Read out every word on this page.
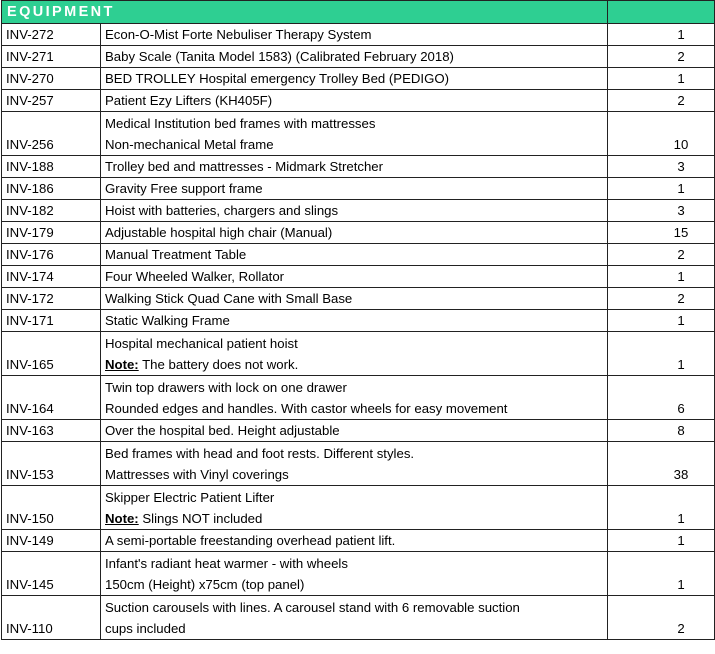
EQUIPMENT		
INV-272	Econ-O-Mist Forte Nebuliser Therapy System	1
INV-271	Baby Scale (Tanita Model 1583) (Calibrated February 2018)	2
INV-270	BED TROLLEY Hospital emergency Trolley Bed (PEDIGO)	1
INV-257	Patient Ezy Lifters (KH405F)	2
INV-256	Medical Institution bed frames with mattresses
Non-mechanical Metal frame	10
INV-188	Trolley bed and mattresses - Midmark Stretcher	3
INV-186	Gravity Free support frame	1
INV-182	Hoist with batteries, chargers and slings	3
INV-179	Adjustable hospital high chair (Manual)	15
INV-176	Manual Treatment Table	2
INV-174	Four Wheeled Walker, Rollator	1
INV-172	Walking Stick Quad Cane with Small Base	2
INV-171	Static Walking Frame	1
INV-165	Hospital mechanical patient hoist
Note: The battery does not work.	1
INV-164	Twin top drawers with lock on one drawer
Rounded edges and handles. With castor wheels for easy movement	6
INV-163	Over the hospital bed. Height adjustable	8
INV-153	Bed frames with head and foot rests. Different styles.
Mattresses with Vinyl coverings	38
INV-150	Skipper Electric Patient Lifter
Note: Slings NOT included	1
INV-149	A semi-portable freestanding overhead patient lift.	1
INV-145	Infant's radiant heat warmer - with wheels
150cm (Height) x75cm (top panel)	1
INV-110	Suction carousels with lines. A carousel stand with 6 removable suction
cups included	2
